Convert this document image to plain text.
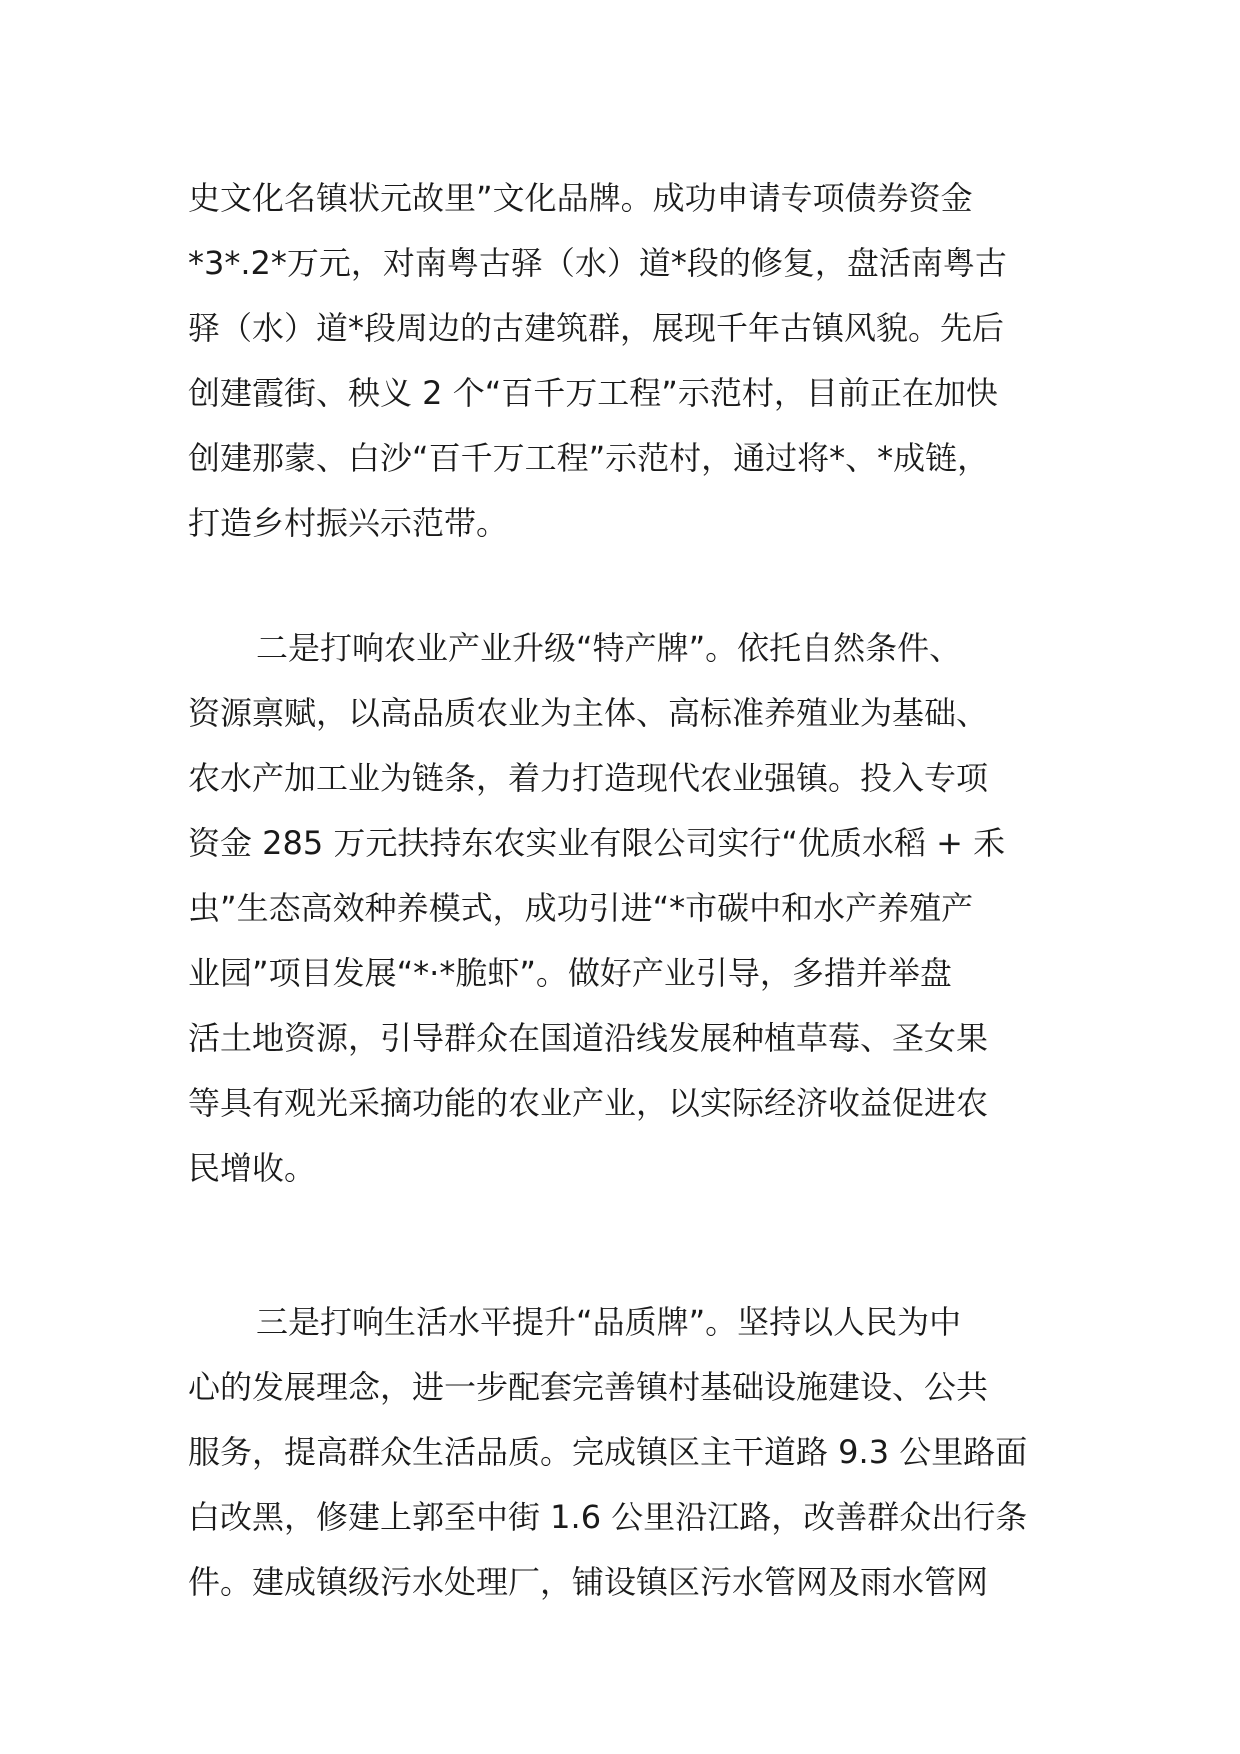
史文化名镇状元故里”文化品牌。成功申请专项债券资金
*3*.2*万元，对南粤古驿（水）道*段的修复，盘活南粤古
驿（水）道*段周边的古建筑群，展现千年古镇风貌。先后
创建霞街、秧义 2 个“百千万工程”示范村，目前正在加快
创建那蒙、白沙“百千万工程”示范村，通过将*、*成链，
打造乡村振兴示范带。
二是打响农业产业升级“特产牌”。依托自然条件、
资源禀赋，以高品质农业为主体、高标准养殖业为基础、
农水产加工业为链条，着力打造现代农业强镇。投入专项
资金 285 万元扶持东农实业有限公司实行“优质水稻 + 禾
虫”生态高效种养模式，成功引进“*市碳中和水产养殖产
业园”项目发展“*·*脆虾”。做好产业引导，多措并举盘
活土地资源，引导群众在国道沿线发展种植草莓、圣女果
等具有观光采摘功能的农业产业，以实际经济收益促进农
民增收。
三是打响生活水平提升“品质牌”。坚持以人民为中
心的发展理念，进一步配套完善镇村基础设施建设、公共
服务，提高群众生活品质。完成镇区主干道路 9.3 公里路面
白改黑，修建上郭至中街 1.6 公里沿江路，改善群众出行条
件。建成镇级污水处理厂，铺设镇区污水管网及雨水管网
